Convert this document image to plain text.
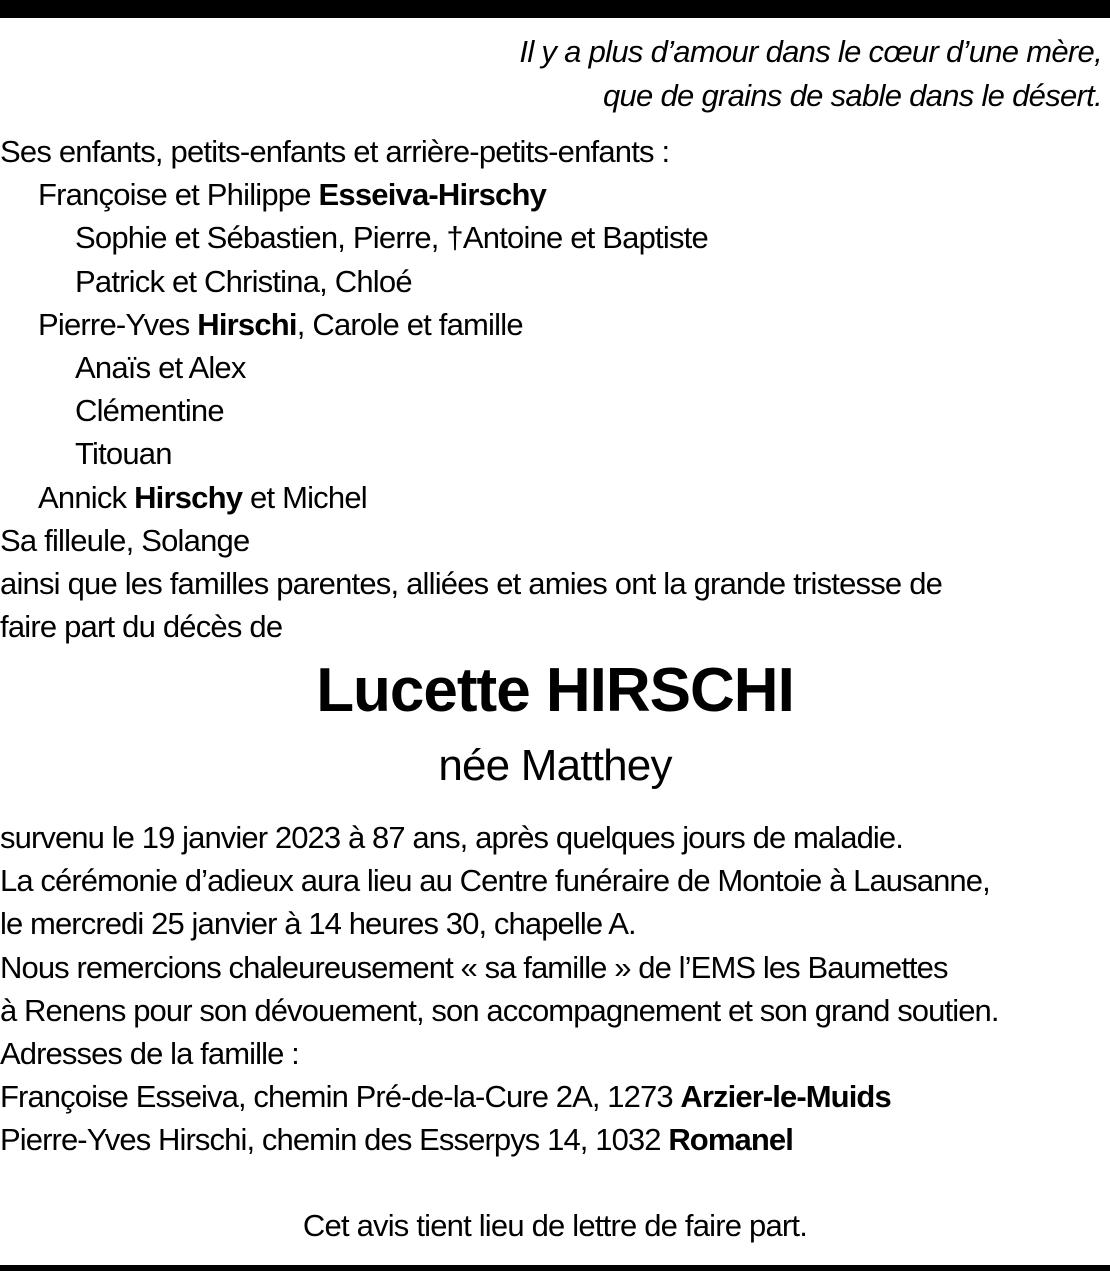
Il y a plus d’amour dans le cœur d’une mère,
que de grains de sable dans le désert.
Ses enfants, petits-enfants et arrière-petits-enfants :
Françoise et Philippe Esseiva-Hirschy
Sophie et Sébastien, Pierre, †Antoine et Baptiste
Patrick et Christina, Chloé
Pierre-Yves Hirschi, Carole et famille
Anaïs et Alex
Clémentine
Titouan
Annick Hirschy et Michel
Sa filleule, Solange
ainsi que les familles parentes, alliées et amies ont la grande tristesse de
faire part du décès de
Lucette HIRSCHI
née Matthey
survenu le 19 janvier 2023 à 87 ans, après quelques jours de maladie.
La cérémonie d’adieux aura lieu au Centre funéraire de Montoie à Lausanne,
le mercredi 25 janvier à 14 heures 30, chapelle A.
Nous remercions chaleureusement « sa famille » de l’EMS les Baumettes
à Renens pour son dévouement, son accompagnement et son grand soutien.
Adresses de la famille :
Françoise Esseiva, chemin Pré-de-la-Cure 2A, 1273 Arzier-le-Muids
Pierre-Yves Hirschi, chemin des Esserpys 14, 1032 Romanel
Cet avis tient lieu de lettre de faire part.
